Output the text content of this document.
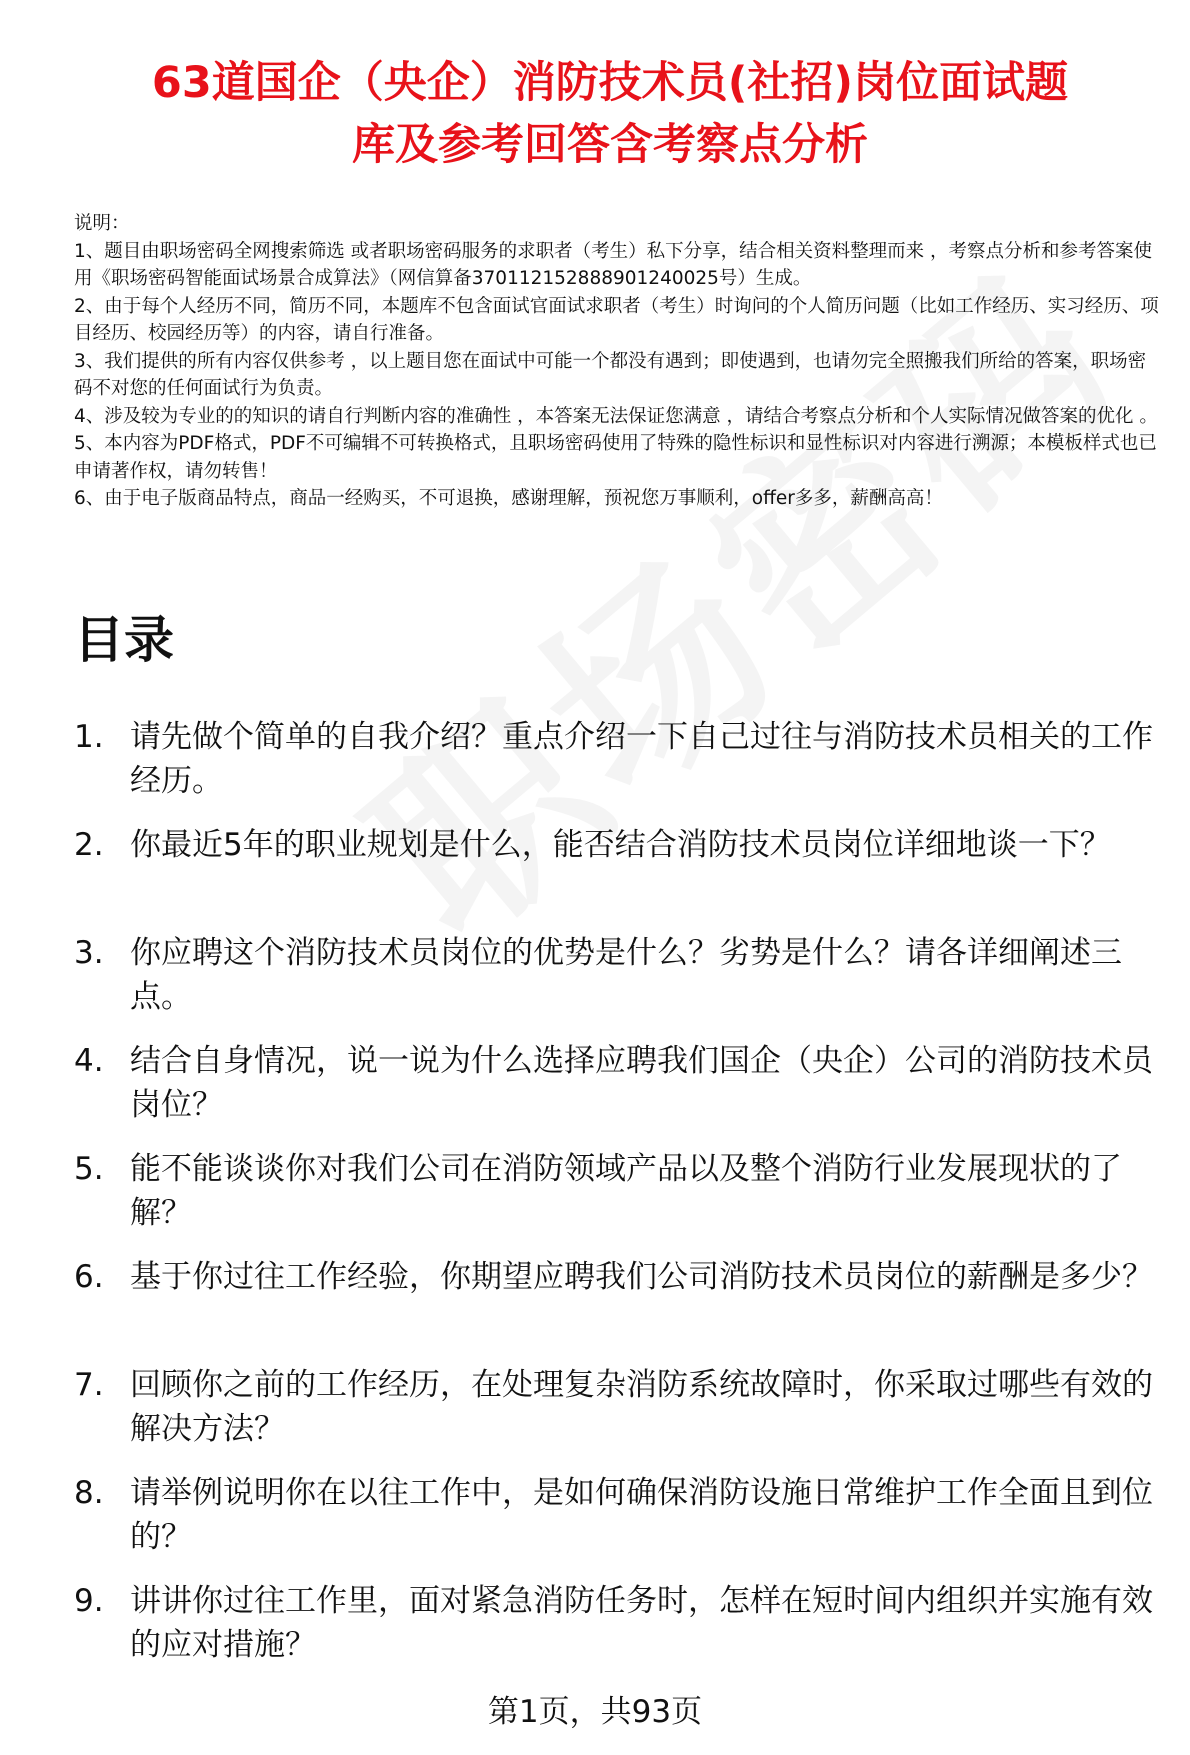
63道国企（央企）消防技术员(社招)岗位面试题
库及参考回答含考察点分析

说明：

1、题目由职场密码全网搜索筛选 或者职场密码服务的求职者（考生）私下分享，结合相关资料整理而来 ，考察点分析和参考答案使用《职场密码智能面试场景合成算法》（网信算备370112152888901240025号）生成。

2、由于每个人经历不同，简历不同，本题库不包含面试官面试求职者（考生）时询问的个人简历问题（比如工作经历、实习经历、项目经历、校园经历等）的内容，请自行准备。

3、我们提供的所有内容仅供参考 ，以上题目您在面试中可能一个都没有遇到；即使遇到，也请勿完全照搬我们所给的答案，职场密码不对您的任何面试行为负责。

4、涉及较为专业的的知识的请自行判断内容的准确性 ，本答案无法保证您满意 ，请结合考察点分析和个人实际情况做答案的优化 。

5、本内容为PDF格式，PDF不可编辑不可转换格式，且职场密码使用了特殊的隐性标识和显性标识对内容进行溯源；本模板样式也已申请著作权，请勿转售！

6、由于电子版商品特点，商品一经购买，不可退换，感谢理解，预祝您万事顺利，offer多多，薪酬高高！

目录
1. 请先做个简单的自我介绍？重点介绍一下自己过往与消防技术员相关的工作经历。
2. 你最近5年的职业规划是什么，能否结合消防技术员岗位详细地谈一下？
3. 你应聘这个消防技术员岗位的优势是什么？劣势是什么？请各详细阐述三点。
4. 结合自身情况，说一说为什么选择应聘我们国企（央企）公司的消防技术员岗位？
5. 能不能谈谈你对我们公司在消防领域产品以及整个消防行业发展现状的了解？
6. 基于你过往工作经验，你期望应聘我们公司消防技术员岗位的薪酬是多少？
7. 回顾你之前的工作经历，在处理复杂消防系统故障时，你采取过哪些有效的解决方法？
8. 请举例说明你在以往工作中，是如何确保消防设施日常维护工作全面且到位的？
9. 讲讲你过往工作里，面对紧急消防任务时，怎样在短时间内组织并实施有效的应对措施？
第1页，共93页
